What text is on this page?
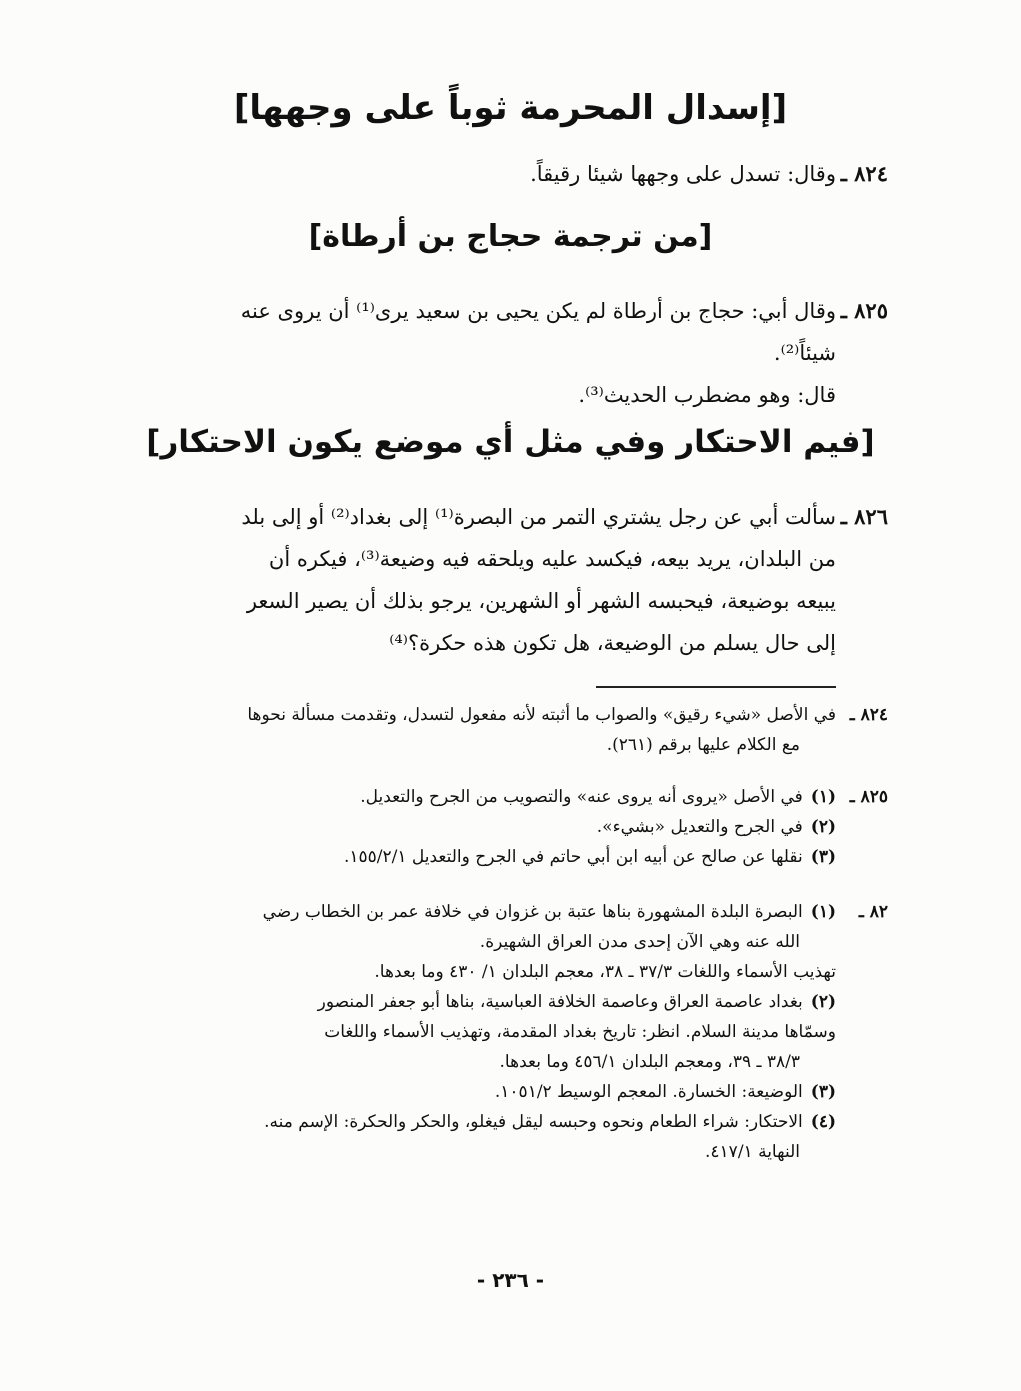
[إسدال المحرمة ثوباً على وجهها]
٨٢٤ ـ
وقال: تسدل على وجهها شيئا رقيقاً.
[من ترجمة حجاج بن أرطاة]
٨٢٥ ـ
وقال أبي: حجاج بن أرطاة لم يكن يحيى بن سعيد يرى⁽¹⁾ أن يروى عنه
شيئاً⁽²⁾.
قال: وهو مضطرب الحديث⁽³⁾.
[فيم الاحتكار وفي مثل أي موضع يكون الاحتكار]
٨٢٦ ـ
سألت أبي عن رجل يشتري التمر من البصرة⁽¹⁾ إلى بغداد⁽²⁾ أو إلى بلد
من البلدان، يريد بيعه، فيكسد عليه ويلحقه فيه وضيعة⁽³⁾، فيكره أن
يبيعه بوضيعة، فيحبسه الشهر أو الشهرين، يرجو بذلك أن يصير السعر
إلى حال يسلم من الوضيعة، هل تكون هذه حكرة؟⁽⁴⁾
٨٢٤ ـ
في الأصل «شيء رقيق» والصواب ما أثبته لأنه مفعول لتسدل، وتقدمت مسألة نحوها
مع الكلام عليها برقم (٢٦١).
٨٢٥ ـ
(١)في الأصل «يروى أنه يروى عنه» والتصويب من الجرح والتعديل.
(٢)في الجرح والتعديل «بشيء».
(٣)نقلها عن صالح عن أبيه ابن أبي حاتم في الجرح والتعديل ١٥٥/٢/١.
٨٢ ـ
(١)البصرة البلدة المشهورة بناها عتبة بن غزوان في خلافة عمر بن الخطاب رضي
الله عنه وهي الآن إحدى مدن العراق الشهيرة.
تهذيب الأسماء واللغات ٣٧/٣ ـ ٣٨، معجم البلدان ١/ ٤٣٠ وما بعدها.
(٢)بغداد عاصمة العراق وعاصمة الخلافة العباسية، بناها أبو جعفر المنصور
وسمّاها مدينة السلام. انظر: تاريخ بغداد المقدمة، وتهذيب الأسماء واللغات
٣٨/٣ ـ ٣٩، ومعجم البلدان ٤٥٦/١ وما بعدها.
(٣)الوضيعة: الخسارة. المعجم الوسيط ١٠٥١/٢.
(٤)الاحتكار: شراء الطعام ونحوه وحبسه ليقل فيغلو، والحكر والحكرة: الإسم منه.
النهاية ٤١٧/١.
- ٢٣٦ -
